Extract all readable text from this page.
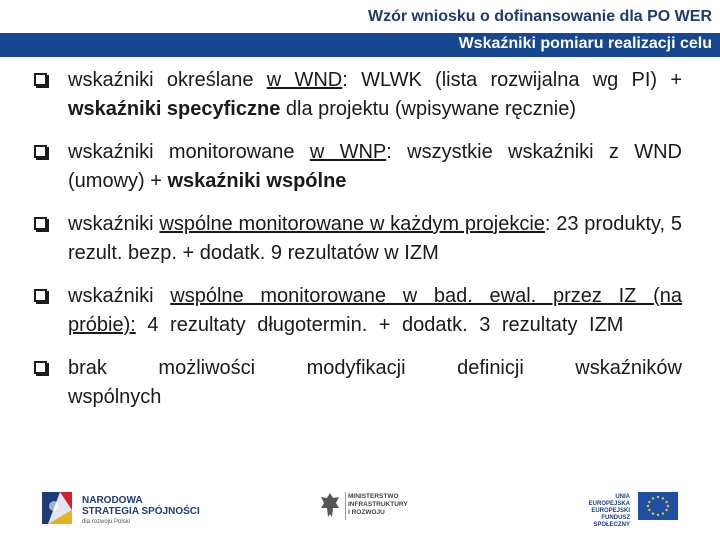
Wzór wniosku o dofinansowanie dla PO WER
Wskaźniki pomiaru realizacji celu
wskaźniki określane w WND: WLWK (lista rozwijalna wg PI) + wskaźniki specyficzne dla projektu (wpisywane ręcznie)
wskaźniki monitorowane w WNP: wszystkie wskaźniki z WND (umowy) + wskaźniki wspólne
wskaźniki wspólne monitorowane w każdym projekcie: 23 produkty, 5 rezult. bezp. + dodatk. 9 rezultatów w IZM
wskaźniki wspólne monitorowane w bad. ewal. przez IZ (na próbie): 4 rezultaty długotermin. + dodatk. 3 rezultaty IZM
brak możliwości modyfikacji definicji wskaźników wspólnych
NARODOWA
STRATEGIA SPÓJNOŚCI
dla rozwoju Polski
MINISTERSTWO
INFRASTRUKTURY
I ROZWOJU
UNIA EUROPEJSKA
EUROPEJSKI
FUNDUSZ SPOŁECZNY
